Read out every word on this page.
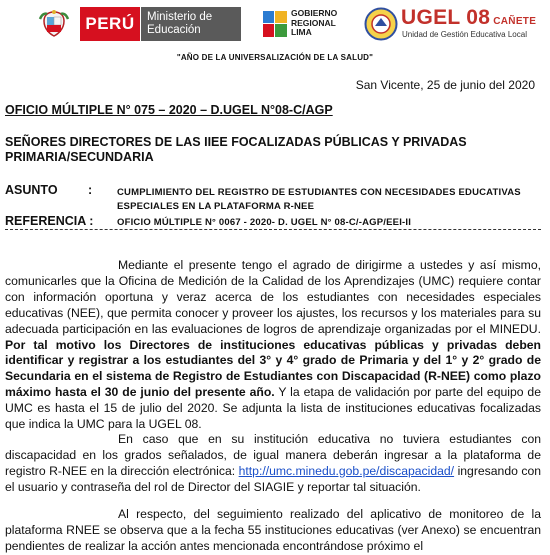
PERÚ	Ministerio de Educación
GOBIERNO REGIONAL LIMA
UGEL 08 CAÑETE
Unidad de Gestión Educativa Local
"AÑO DE LA UNIVERSALIZACIÓN DE LA SALUD"
San Vicente, 25 de junio del 2020
OFICIO MÚLTIPLE N° 075 – 2020 – D.UGEL N°08-C/AGP
SEÑORES DIRECTORES DE LAS IIEE FOCALIZADAS PÚBLICAS Y PRIVADAS PRIMARIA/SECUNDARIA
ASUNTO :	CUMPLIMIENTO DEL REGISTRO DE ESTUDIANTES CON NECESIDADES EDUCATIVAS ESPECIALES EN LA PLATAFORMA R-NEE
REFERENCIA : OFICIO MÚLTIPLE N° 0067 - 2020- D. UGEL N° 08-C/-AGP/EEI-II
Mediante el presente tengo el agrado de dirigirme a ustedes y así mismo, comunicarles que la Oficina de Medición de la Calidad de los Aprendizajes (UMC) requiere contar con información oportuna y veraz acerca de los estudiantes con necesidades especiales educativas (NEE), que permita conocer y proveer los ajustes, los recursos y los materiales para su adecuada participación en las evaluaciones de logros de aprendizaje organizadas por el MINEDU. Por tal motivo los Directores de instituciones educativas públicas y privadas deben identificar y registrar a los estudiantes del 3° y 4° grado de Primaria y del 1° y 2° grado de Secundaria en el sistema de Registro de Estudiantes con Discapacidad (R-NEE) como plazo máximo hasta el 30 de junio del presente año. Y la etapa de validación por parte del equipo de UMC es hasta el 15 de julio del 2020. Se adjunta la lista de instituciones educativas focalizadas que indica la UMC para la UGEL 08.
En caso que en su institución educativa no tuviera estudiantes con discapacidad en los grados señalados, de igual manera deberán ingresar a la plataforma de registro R-NEE en la dirección electrónica: http://umc.minedu.gob.pe/discapacidad/ ingresando con el usuario y contraseña del rol de Director del SIAGIE y reportar tal situación.
Al respecto, del seguimiento realizado del aplicativo de monitoreo de la plataforma RNEE se observa que a la fecha 55 instituciones educativas (ver Anexo) se encuentran pendientes de realizar la acción antes mencionada encontrándose próximo el
